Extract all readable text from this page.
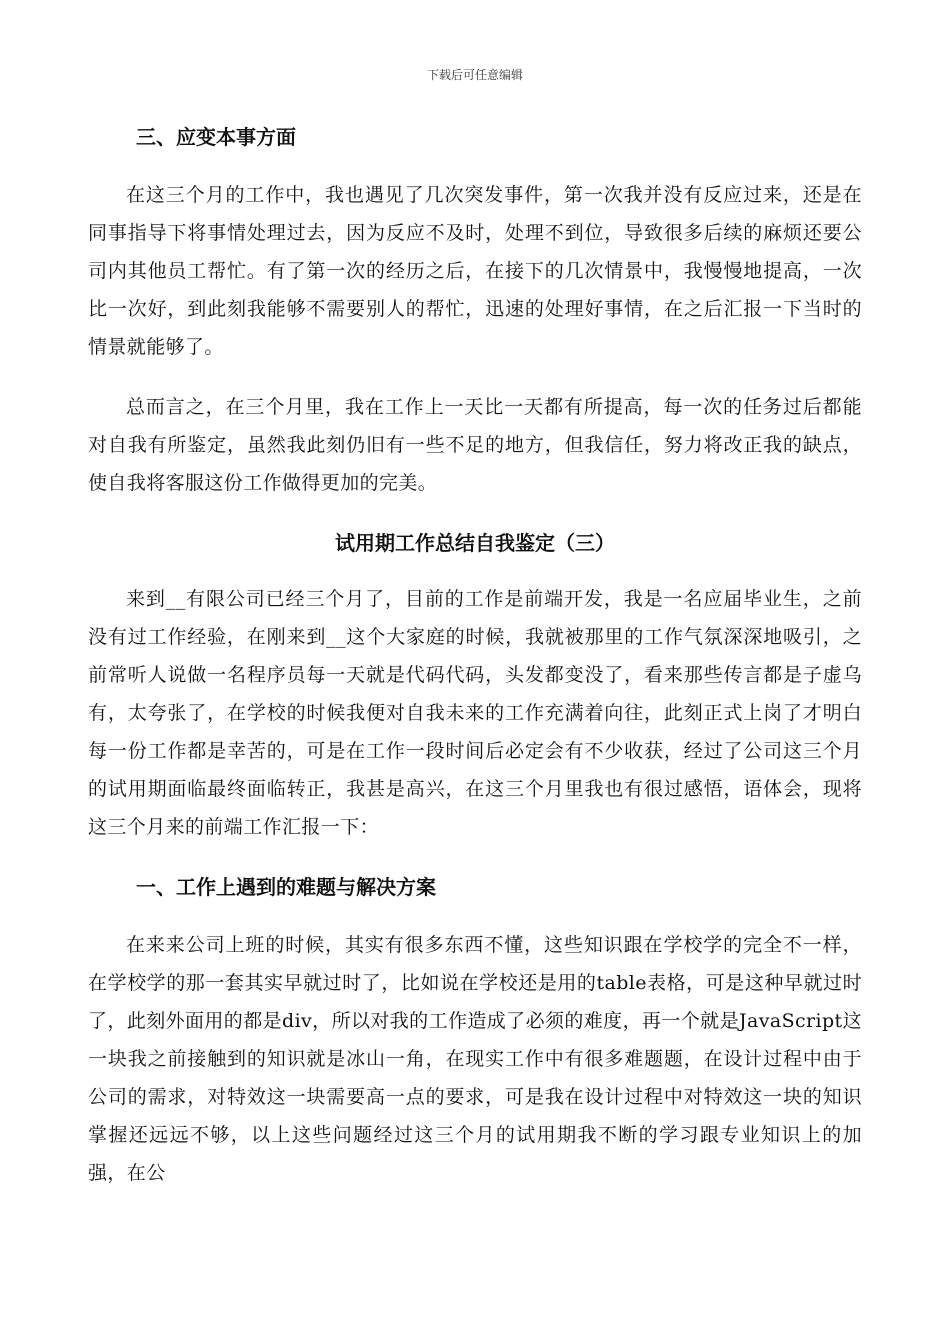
下载后可任意编辑
三、应变本事方面

在这三个月的工作中，我也遇见了几次突发事件，第一次我并没有反应过来，还是在同事指导下将事情处理过去，因为反应不及时，处理不到位，导致很多后续的麻烦还要公司内其他员工帮忙。有了第一次的经历之后，在接下的几次情景中，我慢慢地提高，一次比一次好，到此刻我能够不需要别人的帮忙，迅速的处理好事情，在之后汇报一下当时的情景就能够了。

总而言之，在三个月里，我在工作上一天比一天都有所提高，每一次的任务过后都能对自我有所鉴定，虽然我此刻仍旧有一些不足的地方，但我信任，努力将改正我的缺点，使自我将客服这份工作做得更加的完美。

试用期工作总结自我鉴定（三）

来到__有限公司已经三个月了，目前的工作是前端开发，我是一名应届毕业生，之前没有过工作经验，在刚来到__这个大家庭的时候，我就被那里的工作气氛深深地吸引，之前常听人说做一名程序员每一天就是代码代码，头发都变没了，看来那些传言都是子虚乌有，太夸张了，在学校的时候我便对自我未来的工作充满着向往，此刻正式上岗了才明白每一份工作都是幸苦的，可是在工作一段时间后必定会有不少收获，经过了公司这三个月的试用期面临最终面临转正，我甚是高兴，在这三个月里我也有很过感悟，语体会，现将这三个月来的前端工作汇报一下：

一、工作上遇到的难题与解决方案

在来来公司上班的时候，其实有很多东西不懂，这些知识跟在学校学的完全不一样，在学校学的那一套其实早就过时了，比如说在学校还是用的table表格，可是这种早就过时了，此刻外面用的都是div，所以对我的工作造成了必须的难度，再一个就是JavaScript这一块我之前接触到的知识就是冰山一角，在现实工作中有很多难题题，在设计过程中由于公司的需求，对特效这一块需要高一点的要求，可是我在设计过程中对特效这一块的知识掌握还远远不够，以上这些问题经过这三个月的试用期我不断的学习跟专业知识上的加强，在公
